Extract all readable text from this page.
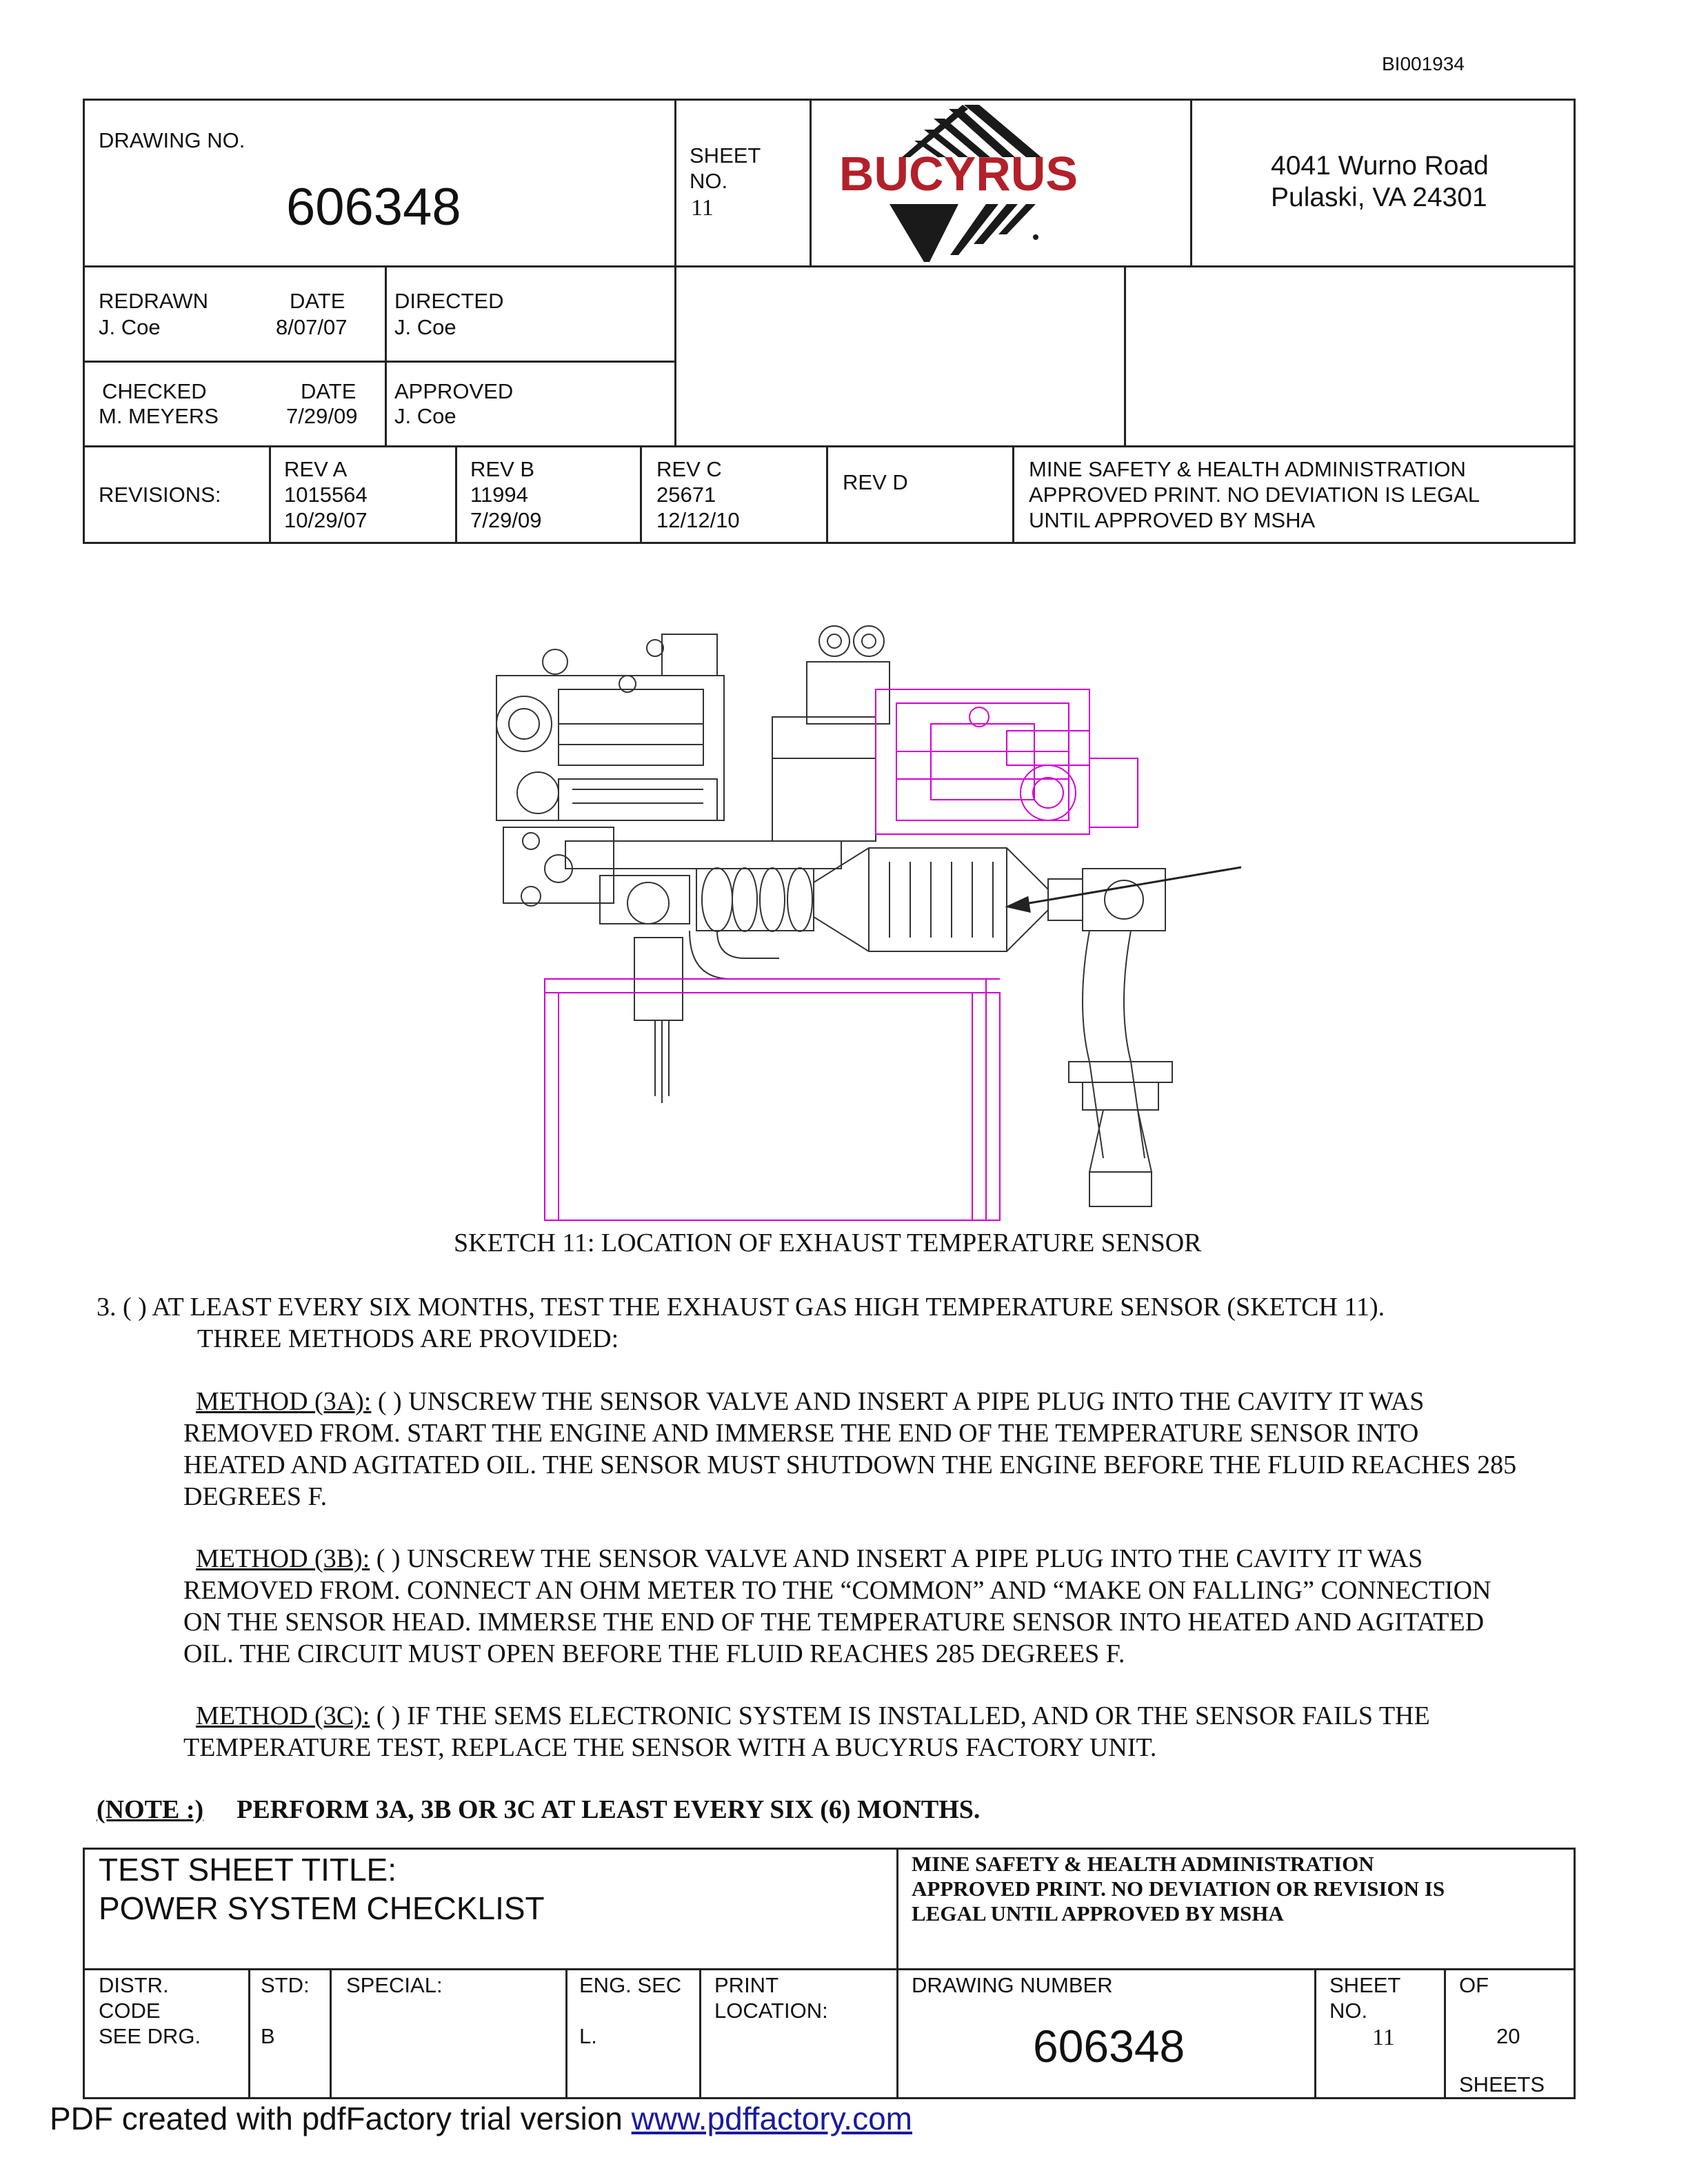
BI001934
DRAWING NO.
606348
SHEET
NO.
11
BUCYRUS	4041 Wurno Road
Pulaski, VA 24301
REDRAWN
J. Coe
DATE
8/07/07
DIRECTED
J. Coe
CHECKED
M. MEYERS
DATE
7/29/09
APPROVED
J. Coe
REVISIONS:
REV A
1015564
10/29/07
REV B
11994
7/29/09
REV C
25671
12/12/10
REV D
MINE SAFETY & HEALTH ADMINISTRATION
APPROVED PRINT. NO DEVIATION IS LEGAL
UNTIL APPROVED BY MSHA
SKETCH 11: LOCATION OF EXHAUST TEMPERATURE SENSOR
3. ( ) AT LEAST EVERY SIX MONTHS, TEST THE EXHAUST GAS HIGH TEMPERATURE SENSOR (SKETCH 11).
THREE METHODS ARE PROVIDED:
METHOD (3A): ( ) UNSCREW THE SENSOR VALVE AND INSERT A PIPE PLUG INTO THE CAVITY IT WAS
REMOVED FROM. START THE ENGINE AND IMMERSE THE END OF THE TEMPERATURE SENSOR INTO
HEATED AND AGITATED OIL. THE SENSOR MUST SHUTDOWN THE ENGINE BEFORE THE FLUID REACHES 285
DEGREES F.
METHOD (3B): ( ) UNSCREW THE SENSOR VALVE AND INSERT A PIPE PLUG INTO THE CAVITY IT WAS
REMOVED FROM. CONNECT AN OHM METER TO THE “COMMON” AND “MAKE ON FALLING” CONNECTION
ON THE SENSOR HEAD. IMMERSE THE END OF THE TEMPERATURE SENSOR INTO HEATED AND AGITATED
OIL. THE CIRCUIT MUST OPEN BEFORE THE FLUID REACHES 285 DEGREES F.
METHOD (3C): ( ) IF THE SEMS ELECTRONIC SYSTEM IS INSTALLED, AND OR THE SENSOR FAILS THE
TEMPERATURE TEST, REPLACE THE SENSOR WITH A BUCYRUS FACTORY UNIT.
(NOTE :) PERFORM 3A, 3B OR 3C AT LEAST EVERY SIX (6) MONTHS.
TEST SHEET TITLE:
POWER SYSTEM CHECKLIST
MINE SAFETY & HEALTH ADMINISTRATION
APPROVED PRINT. NO DEVIATION OR REVISION IS
LEGAL UNTIL APPROVED BY MSHA
DISTR.
CODE
SEE DRG.
STD:
B
SPECIAL:	ENG. SEC
L.
PRINT
LOCATION:
DRAWING NUMBER
606348
SHEET
NO.
11
OF
20
SHEETS
PDF created with pdfFactory trial version www.pdffactory.com
